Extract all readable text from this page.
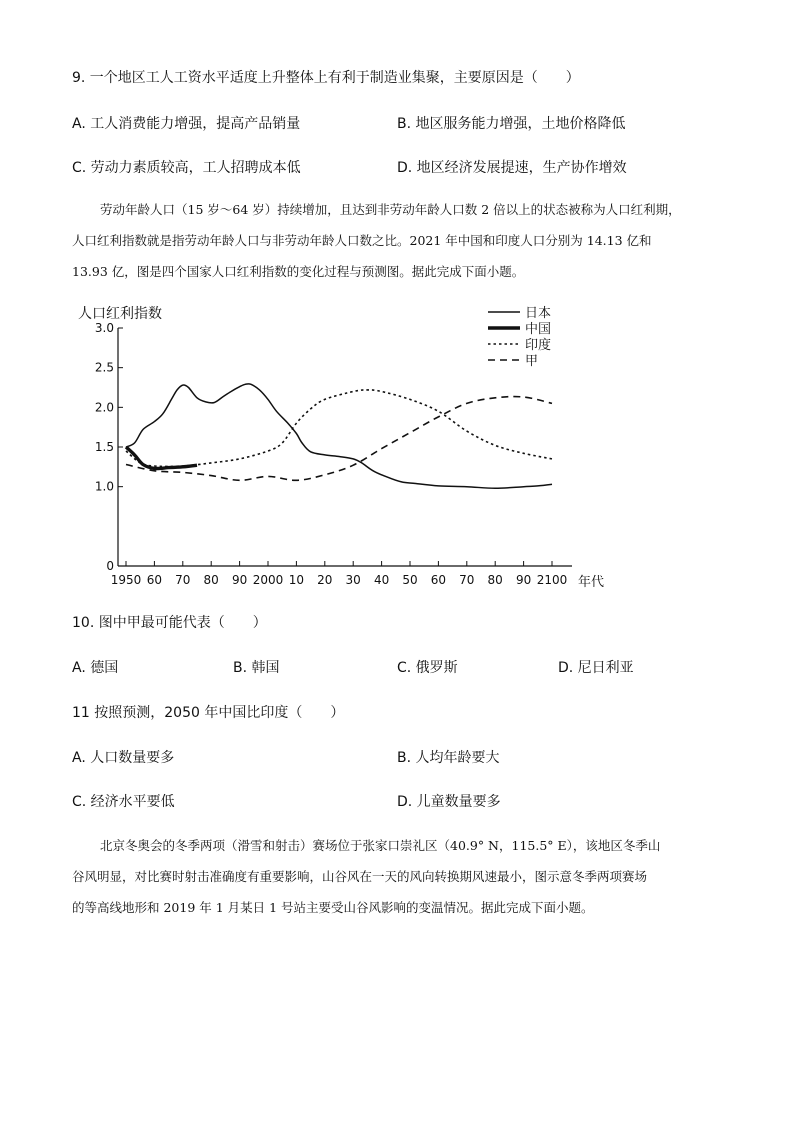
9. 一个地区工人工资水平适度上升整体上有利于制造业集聚，主要原因是（　　）
A. 工人消费能力增强，提高产品销量	B. 地区服务能力增强，土地价格降低
C. 劳动力素质较高，工人招聘成本低	D. 地区经济发展提速，生产协作增效

劳动年龄人口（15 岁～64 岁）持续增加，且达到非劳动年龄人口数 2 倍以上的状态被称为人口红利期，

人口红利指数就是指劳动年龄人口与非劳动年龄人口数之比。2021 年中国和印度人口分别为 14.13 亿和

13.93 亿，图是四个国家人口红利指数的变化过程与预测图。据此完成下面小题。

人口红利指数
年代
0
1.0
1.5
2.0
2.5
3.0
1950 60 70 80 90 2000 10 20 30 40 50 60 70 80 90 2100
日本
中国
印度
甲
10. 图中甲最可能代表（　　）
A. 德国	B. 韩国	C. 俄罗斯	D. 尼日利亚
11 按照预测，2050 年中国比印度（　　）
A. 人口数量要多	B. 人均年龄要大
C. 经济水平要低	D. 儿童数量要多

北京冬奥会的冬季两项（滑雪和射击）赛场位于张家口崇礼区（40.9° N，115.5° E），该地区冬季山

谷风明显，对比赛时射击准确度有重要影响，山谷风在一天的风向转换期风速最小，图示意冬季两项赛场

的等高线地形和 2019 年 1 月某日 1 号站主要受山谷风影响的变温情况。据此完成下面小题。
